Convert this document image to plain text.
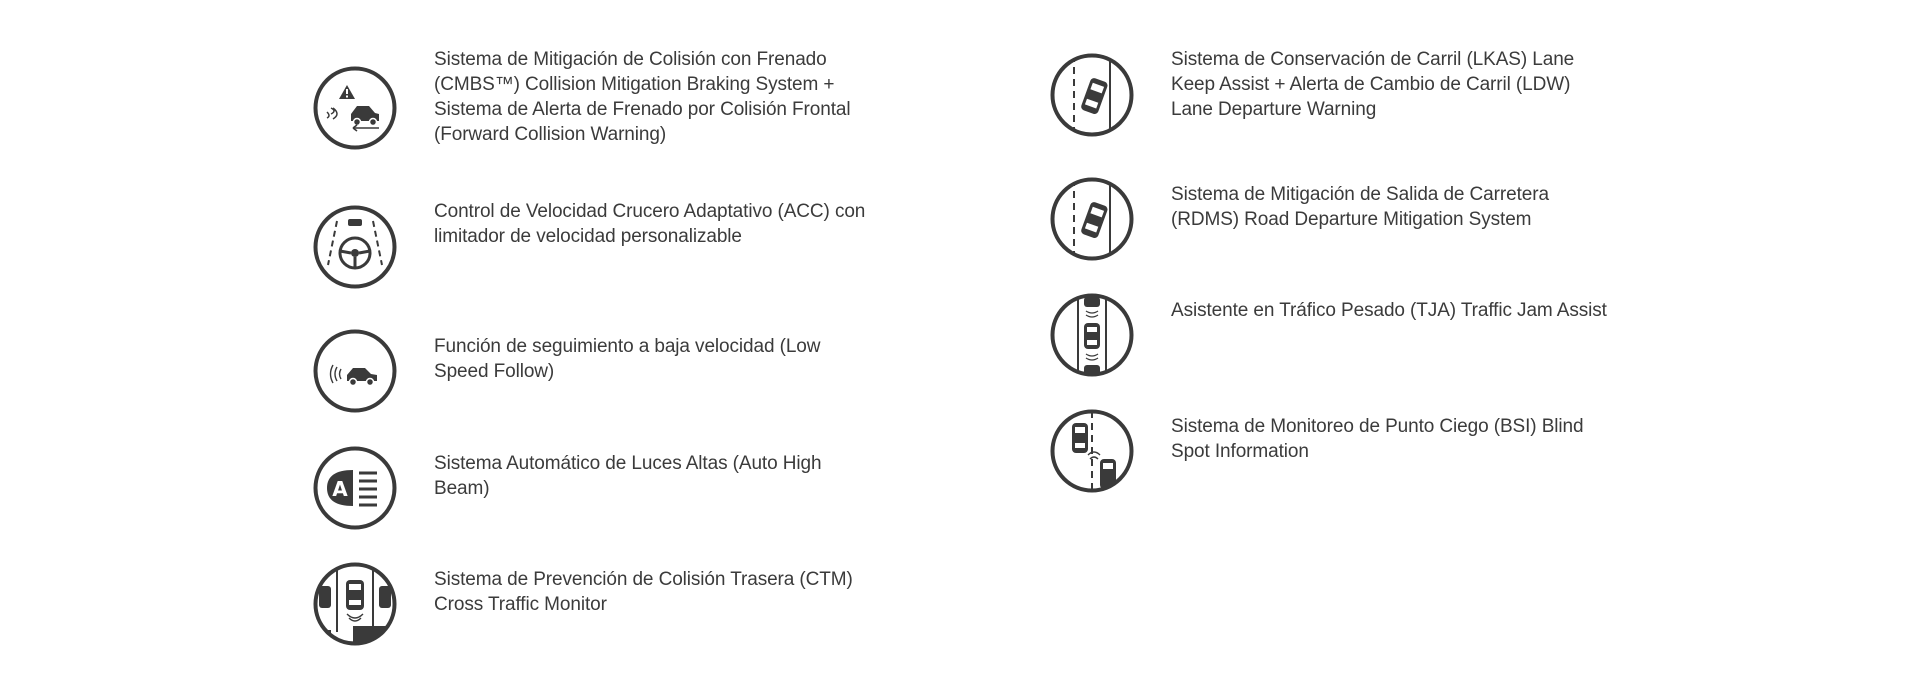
Sistema de Mitigación de Colisión con Frenado (CMBS™) Collision Mitigation Braking System + Sistema de Alerta de Frenado por Colisión Frontal (Forward Collision Warning)
Control de Velocidad Crucero Adaptativo (ACC) con limitador de velocidad personalizable
Función de seguimiento a baja velocidad (Low Speed Follow)
A
Sistema Automático de Luces Altas (Auto High Beam)
Sistema de Prevención de Colisión Trasera (CTM) Cross Traffic Monitor
Sistema de Conservación de Carril (LKAS) Lane Keep Assist + Alerta de Cambio de Carril (LDW) Lane Departure Warning
Sistema de Mitigación de Salida de Carretera (RDMS) Road Departure Mitigation System
Asistente en Tráfico Pesado (TJA) Traffic Jam Assist
Sistema de Monitoreo de Punto Ciego (BSI) Blind Spot Information
